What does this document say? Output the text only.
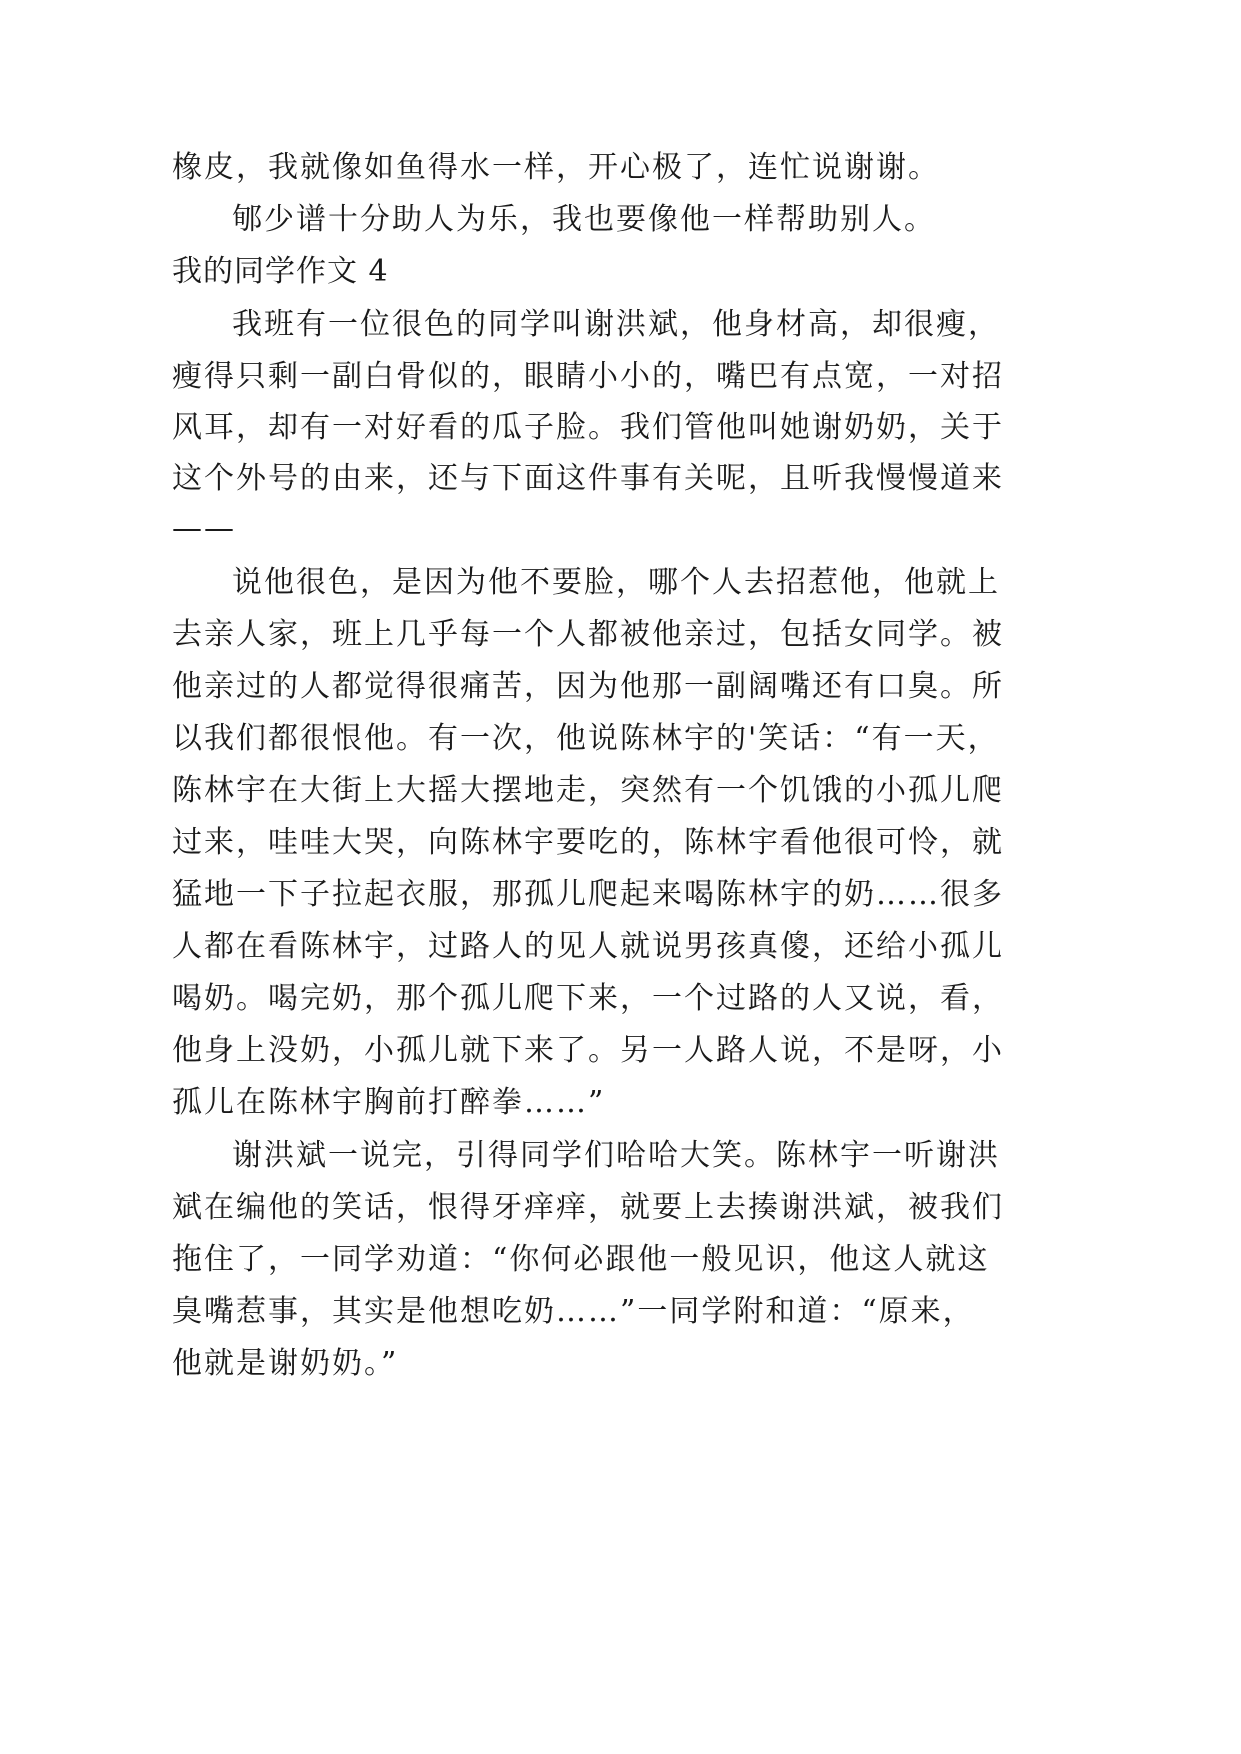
橡皮，我就像如鱼得水一样，开心极了，连忙说谢谢。
郇少谱十分助人为乐，我也要像他一样帮助别人。
我的同学作文 4
我班有一位很色的同学叫谢洪斌，他身材高，却很瘦，
瘦得只剩一副白骨似的，眼睛小小的，嘴巴有点宽，一对招
风耳，却有一对好看的瓜子脸。我们管他叫她谢奶奶，关于
这个外号的由来，还与下面这件事有关呢，且听我慢慢道来
——
说他很色，是因为他不要脸，哪个人去招惹他，他就上
去亲人家，班上几乎每一个人都被他亲过，包括女同学。被
他亲过的人都觉得很痛苦，因为他那一副阔嘴还有口臭。所
以我们都很恨他。有一次，他说陈林宇的'笑话：“有一天，
陈林宇在大街上大摇大摆地走，突然有一个饥饿的小孤儿爬
过来，哇哇大哭，向陈林宇要吃的，陈林宇看他很可怜，就
猛地一下子拉起衣服，那孤儿爬起来喝陈林宇的奶……很多
人都在看陈林宇，过路人的见人就说男孩真傻，还给小孤儿
喝奶。喝完奶，那个孤儿爬下来，一个过路的人又说，看，
他身上没奶，小孤儿就下来了。另一人路人说，不是呀，小
孤儿在陈林宇胸前打醉拳……”
谢洪斌一说完，引得同学们哈哈大笑。陈林宇一听谢洪
斌在编他的笑话，恨得牙痒痒，就要上去揍谢洪斌，被我们
拖住了，一同学劝道：“你何必跟他一般见识，他这人就这
臭嘴惹事，其实是他想吃奶……”一同学附和道：“原来，
他就是谢奶奶。”
